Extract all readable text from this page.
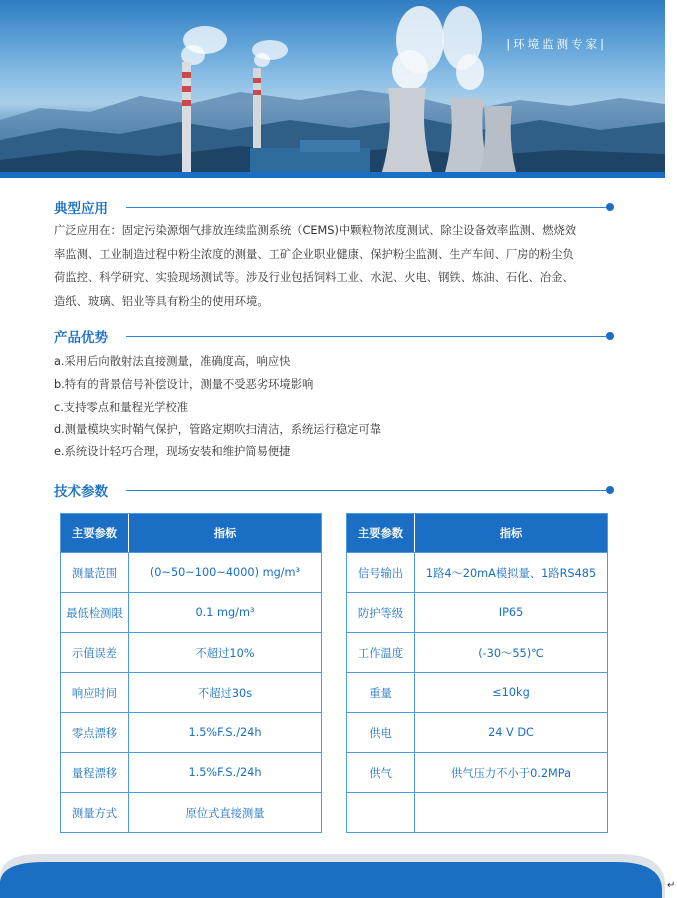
|环境监测专家|
典型应用
广泛应用在：固定污染源烟气排放连续监测系统（CEMS)中颗粒物浓度测试、除尘设备效率监测、燃烧效
率监测、工业制造过程中粉尘浓度的测量、工矿企业职业健康、保护粉尘监测、生产车间、厂房的粉尘负
荷监控、科学研究、实验现场测试等。涉及行业包括饲料工业、水泥、火电、钢铁、炼油、石化、冶金、
造纸、玻璃、铝业等具有粉尘的使用环境。
产品优势
a.采用后向散射法直接测量，准确度高，响应快
b.特有的背景信号补偿设计，测量不受恶劣环境影响
c.支持零点和量程光学校准
d.测量模块实时鞘气保护，管路定期吹扫清洁，系统运行稳定可靠
e.系统设计轻巧合理，现场安装和维护简易便捷
技术参数
主要参数	指标
测量范围	(0~50~100~4000) mg/m³
最低检测限	0.1 mg/m³
示值误差	不超过10%
响应时间	不超过30s
零点漂移	1.5%F.S./24h
量程漂移	1.5%F.S./24h
测量方式	原位式直接测量
主要参数	指标
信号输出	1路4～20mA模拟量、1路RS485
防护等级	IP65
工作温度	(-30～55)℃
重量	≤10kg
供电	24 V DC
供气	供气压力不小于0.2MPa
↵
